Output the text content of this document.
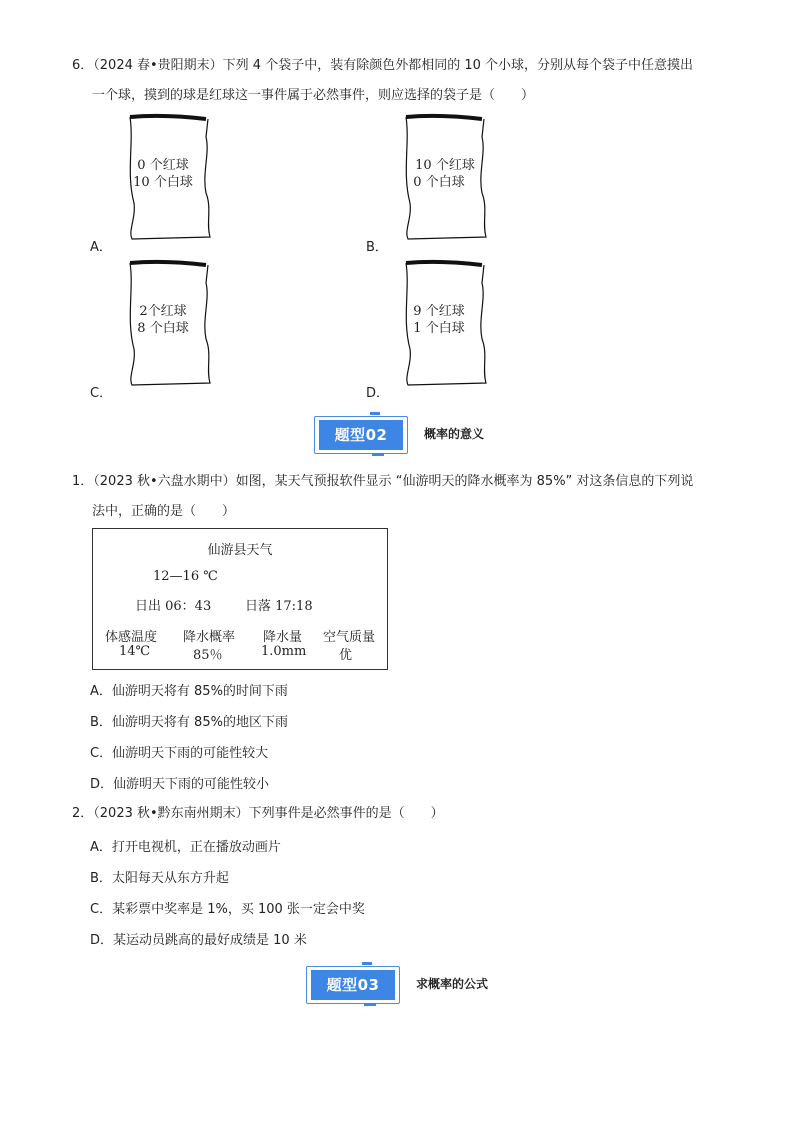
6．（2024 春•贵阳期末）下列 4 个袋子中，装有除颜色外都相同的 10 个小球，分别从每个袋子中任意摸出
一个球，摸到的球是红球这一事件属于必然事件，则应选择的袋子是（　　）
A．
0 个红球
10 个白球
B．
10 个红球
0 个白球
C．
2个红球
8 个白球
D．
9 个红球
1 个白球
题型02	概率的意义
1．（2023 秋•六盘水期中）如图，某天气预报软件显示 “仙游明天的降水概率为 85%” 对这条信息的下列说
法中，正确的是（　　）
仙游县天气
12—16 ℃
日出 06：43	日落 17:18
体感温度 降水概率 降水量 空气质量
14℃	85％	1.0mm	优
A．仙游明天将有 85%的时间下雨
B．仙游明天将有 85%的地区下雨
C．仙游明天下雨的可能性较大
D．仙游明天下雨的可能性较小
2．（2023 秋•黔东南州期末）下列事件是必然事件的是（　　）
A．打开电视机，正在播放动画片
B．太阳每天从东方升起
C．某彩票中奖率是 1%，买 100 张一定会中奖
D．某运动员跳高的最好成绩是 10 米
题型03	求概率的公式
